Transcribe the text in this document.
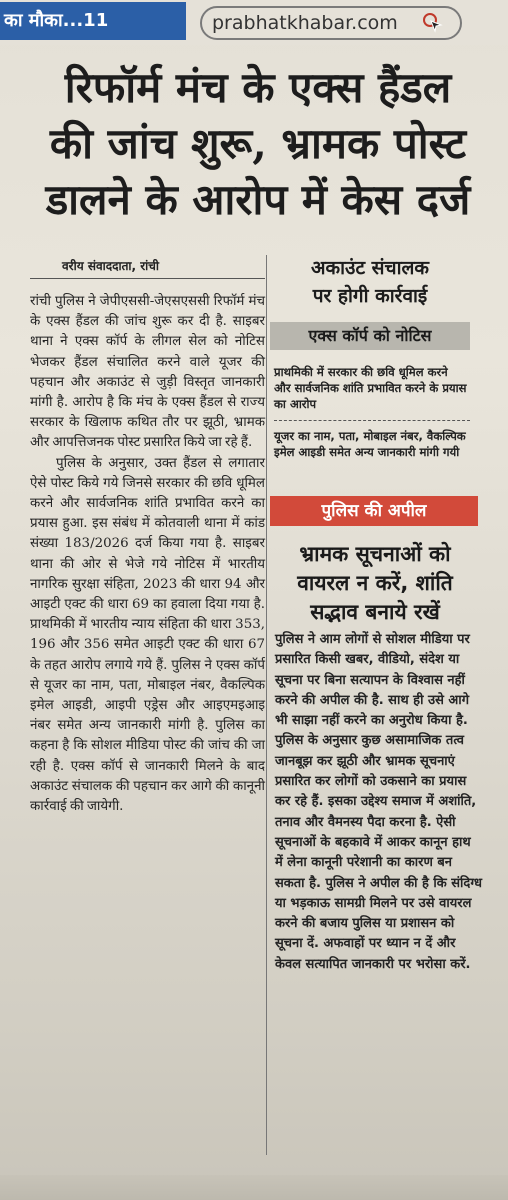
का मौका...11	prabhatkhabar.com
रिफॉर्म मंच के एक्स हैंडल
की जांच शुरू, भ्रामक पोस्ट
डालने के आरोप में केस दर्ज
वरीय संवाददाता, रांची

रांची पुलिस ने जेपीएससी-जेएसएससी रिफॉर्म मंच के एक्स हैंडल की जांच शुरू कर दी है. साइबर थाना ने एक्स कॉर्प के लीगल सेल को नोटिस भेजकर हैंडल संचालित करने वाले यूजर की पहचान और अकाउंट से जुड़ी विस्तृत जानकारी मांगी है. आरोप है कि मंच के एक्स हैंडल से राज्य सरकार के खिलाफ कथित तौर पर झूठी, भ्रामक और आपत्तिजनक पोस्ट प्रसारित किये जा रहे हैं.

पुलिस के अनुसार, उक्त हैंडल से लगातार ऐसे पोस्ट किये गये जिनसे सरकार की छवि धूमिल करने और सार्वजनिक शांति प्रभावित करने का प्रयास हुआ. इस संबंध में कोतवाली थाना में कांड संख्या 183/2026 दर्ज किया गया है. साइबर थाना की ओर से भेजे गये नोटिस में भारतीय नागरिक सुरक्षा संहिता, 2023 की धारा 94 और आइटी एक्ट की धारा 69 का हवाला दिया गया है. प्राथमिकी में भारतीय न्याय संहिता की धारा 353, 196 और 356 समेत आइटी एक्ट की धारा 67 के तहत आरोप लगाये गये हैं. पुलिस ने एक्स कॉर्प से यूजर का नाम, पता, मोबाइल नंबर, वैकल्पिक इमेल आइडी, आइपी एड्रेस और आइएमइआइ नंबर समेत अन्य जानकारी मांगी है. पुलिस का कहना है कि सोशल मीडिया पोस्ट की जांच की जा रही है. एक्स कॉर्प से जानकारी मिलने के बाद अकाउंट संचालक की पहचान कर आगे की कानूनी कार्रवाई की जायेगी.

अकाउंट संचालक
पर होगी कार्रवाई
एक्स कॉर्प को नोटिस
प्राथमिकी में सरकार की छवि धूमिल करने और सार्वजनिक शांति प्रभावित करने के प्रयास का आरोप
यूजर का नाम, पता, मोबाइल नंबर, वैकल्पिक इमेल आइडी समेत अन्य जानकारी मांगी गयी
पुलिस की अपील
भ्रामक सूचनाओं को
वायरल न करें, शांति
सद्भाव बनाये रखें

पुलिस ने आम लोगों से सोशल मीडिया पर प्रसारित किसी खबर, वीडियो, संदेश या सूचना पर बिना सत्यापन के विश्वास नहीं करने की अपील की है. साथ ही उसे आगे भी साझा नहीं करने का अनुरोध किया है. पुलिस के अनुसार कुछ असामाजिक तत्व जानबूझ कर झूठी और भ्रामक सूचनाएं प्रसारित कर लोगों को उकसाने का प्रयास कर रहे हैं. इसका उद्देश्य समाज में अशांति, तनाव और वैमनस्य पैदा करना है. ऐसी सूचनाओं के बहकावे में आकर कानून हाथ में लेना कानूनी परेशानी का कारण बन सकता है. पुलिस ने अपील की है कि संदिग्ध या भड़काऊ सामग्री मिलने पर उसे वायरल करने की बजाय पुलिस या प्रशासन को सूचना दें. अफवाहों पर ध्यान न दें और केवल सत्यापित जानकारी पर भरोसा करें.
